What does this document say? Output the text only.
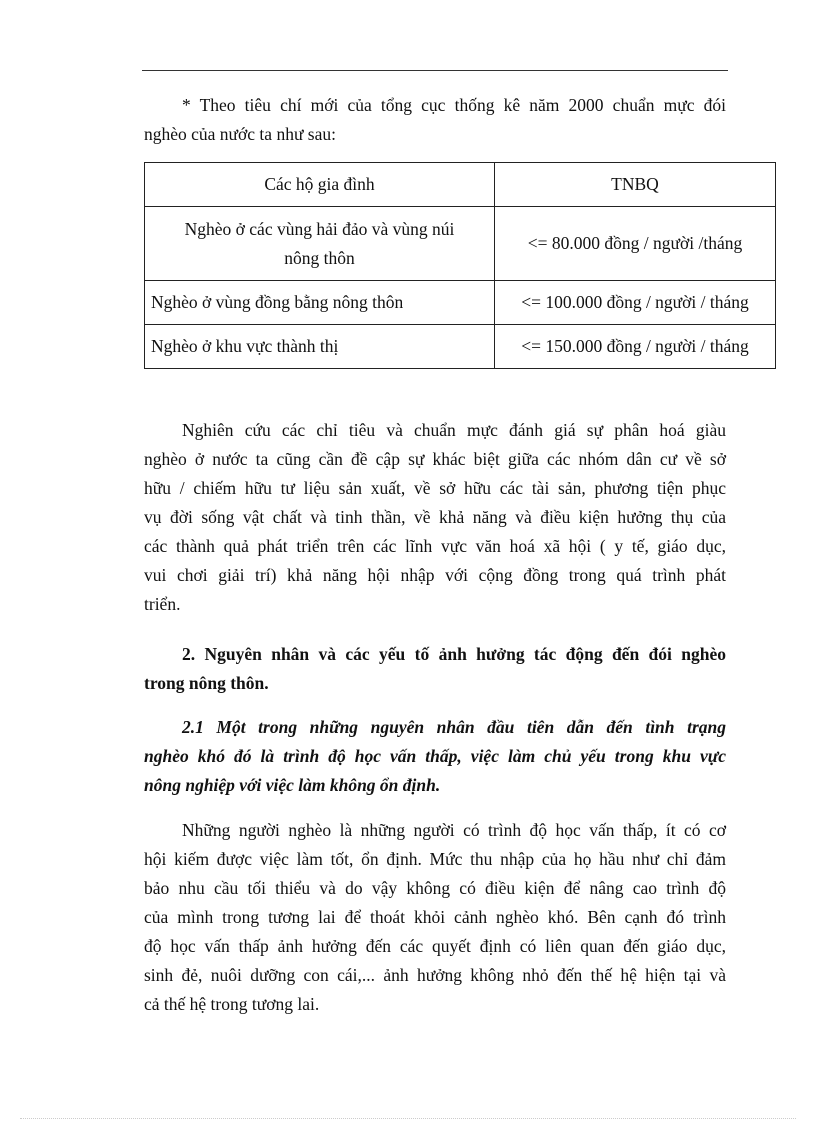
* Theo tiêu chí mới của tổng cục thống kê năm 2000 chuẩn mực đói
nghèo của nước ta như sau:
Các hộ gia đình	TNBQ
Nghèo ở các vùng hải đảo và vùng núi
nông thôn	<= 80.000 đồng / người /tháng
Nghèo ở vùng đồng bằng nông thôn	<= 100.000 đồng / người / tháng
Nghèo ở khu vực thành thị	<= 150.000 đồng / người / tháng
Nghiên cứu các chỉ tiêu và chuẩn mực đánh giá sự phân hoá giàu
nghèo ở nước ta cũng cần đề cập sự khác biệt giữa các nhóm dân cư về sở
hữu / chiếm hữu tư liệu sản xuất, về sở hữu các tài sản, phương tiện phục
vụ đời sống vật chất và tinh thần, về khả năng và điều kiện hưởng thụ của
các thành quả phát triển trên các lĩnh vực văn hoá xã hội ( y tế, giáo dục,
vui chơi giải trí) khả năng hội nhập với cộng đồng trong quá trình phát
triển.
2. Nguyên nhân và các yếu tố ảnh hưởng tác động đến đói nghèo
trong nông thôn.
2.1 Một trong những nguyên nhân đầu tiên dẫn đến tình trạng
nghèo khó đó là trình độ học vấn thấp, việc làm chủ yếu trong khu vực
nông nghiệp với việc làm không ổn định.
Những người nghèo là những người có trình độ học vấn thấp, ít có cơ
hội kiếm được việc làm tốt, ổn định. Mức thu nhập của họ hầu như chỉ đảm
bảo nhu cầu tối thiểu và do vậy không có điều kiện để nâng cao trình độ
của mình trong tương lai để thoát khỏi cảnh nghèo khó. Bên cạnh đó trình
độ học vấn thấp ảnh hưởng đến các quyết định có liên quan đến giáo dục,
sinh đẻ, nuôi dưỡng con cái,... ảnh hưởng không nhỏ đến thế hệ hiện tại và
cả thế hệ trong tương lai.
